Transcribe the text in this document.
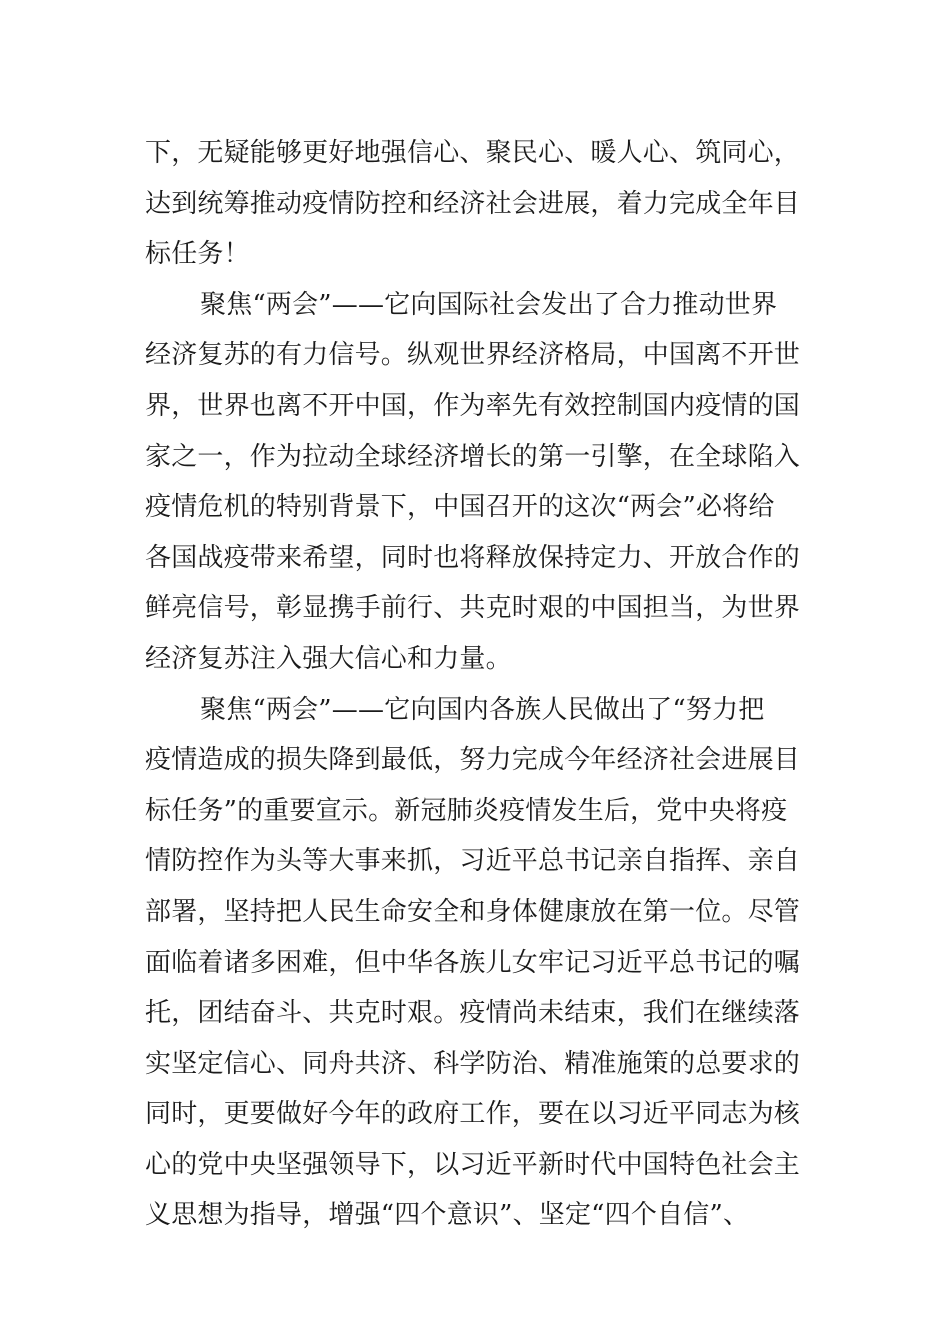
下，无疑能够更好地强信心、聚民心、暖人心、筑同心，
达到统筹推动疫情防控和经济社会进展，着力完成全年目
标任务！
聚焦“两会”——它向国际社会发出了合力推动世界
经济复苏的有力信号。纵观世界经济格局，中国离不开世
界，世界也离不开中国，作为率先有效控制国内疫情的国
家之一，作为拉动全球经济增长的第一引擎，在全球陷入
疫情危机的特别背景下，中国召开的这次“两会”必将给
各国战疫带来希望，同时也将释放保持定力、开放合作的
鲜亮信号，彰显携手前行、共克时艰的中国担当，为世界
经济复苏注入强大信心和力量。
聚焦“两会”——它向国内各族人民做出了“努力把
疫情造成的损失降到最低，努力完成今年经济社会进展目
标任务”的重要宣示。新冠肺炎疫情发生后，党中央将疫
情防控作为头等大事来抓，习近平总书记亲自指挥、亲自
部署，坚持把人民生命安全和身体健康放在第一位。尽管
面临着诸多困难，但中华各族儿女牢记习近平总书记的嘱
托，团结奋斗、共克时艰。疫情尚未结束，我们在继续落
实坚定信心、同舟共济、科学防治、精准施策的总要求的
同时，更要做好今年的政府工作，要在以习近平同志为核
心的党中央坚强领导下，以习近平新时代中国特色社会主
义思想为指导，增强“四个意识”、坚定“四个自信”、
